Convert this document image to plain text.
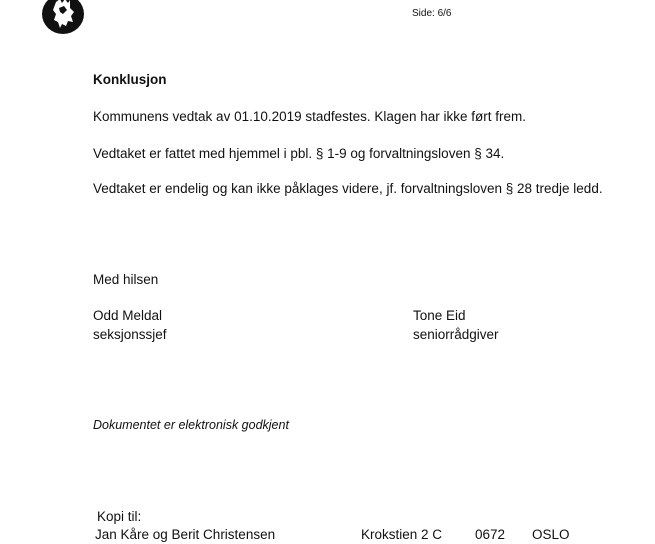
Side: 6/6
Konklusjon
Kommunens vedtak av 01.10.2019 stadfestes. Klagen har ikke ført frem.
Vedtaket er fattet med hjemmel i pbl. § 1-9 og forvaltningsloven § 34.
Vedtaket er endelig og kan ikke påklages videre, jf. forvaltningsloven § 28 tredje ledd.
Med hilsen
Odd Meldal
seksjonssjef
Tone Eid
seniorrådgiver
Dokumentet er elektronisk godkjent
Kopi til:
Jan Kåre og Berit Christensen	Krokstien 2 C 0672 OSLO
